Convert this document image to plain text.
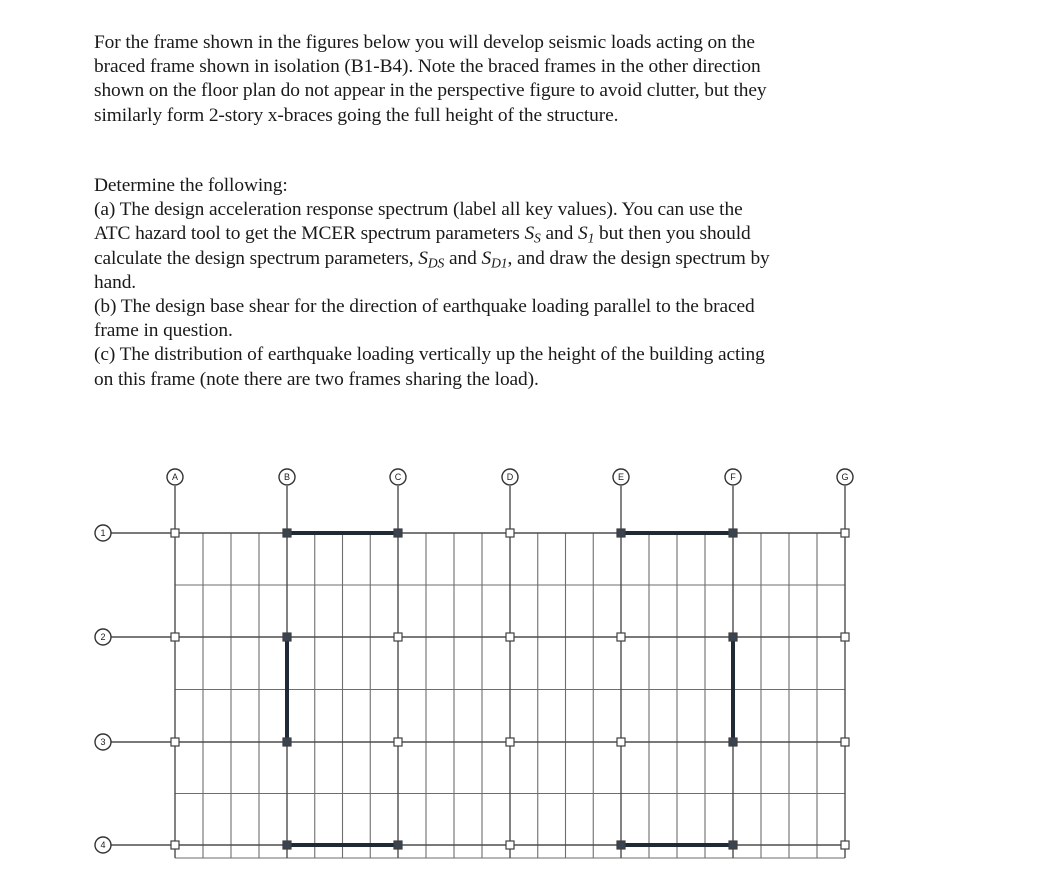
For the frame shown in the figures below you will develop seismic loads acting on the
braced frame shown in isolation (B1-B4). Note the braced frames in the other direction
shown on the floor plan do not appear in the perspective figure to avoid clutter, but they
similarly form 2-story x-braces going the full height of the structure.
Determine the following:
(a) The design acceleration response spectrum (label all key values). You can use the
ATC hazard tool to get the MCER spectrum parameters $S_S$ and $S_1$ but then you should
calculate the design spectrum parameters, $S_{DS}$ and $S_{D1}$, and draw the design spectrum by
hand.
(b) The design base shear for the direction of earthquake loading parallel to the braced
frame in question.
(c) The distribution of earthquake loading vertically up the height of the building acting
on this frame (note there are two frames sharing the load).
A	B	C	D	E	F	G
1
2
3
4
